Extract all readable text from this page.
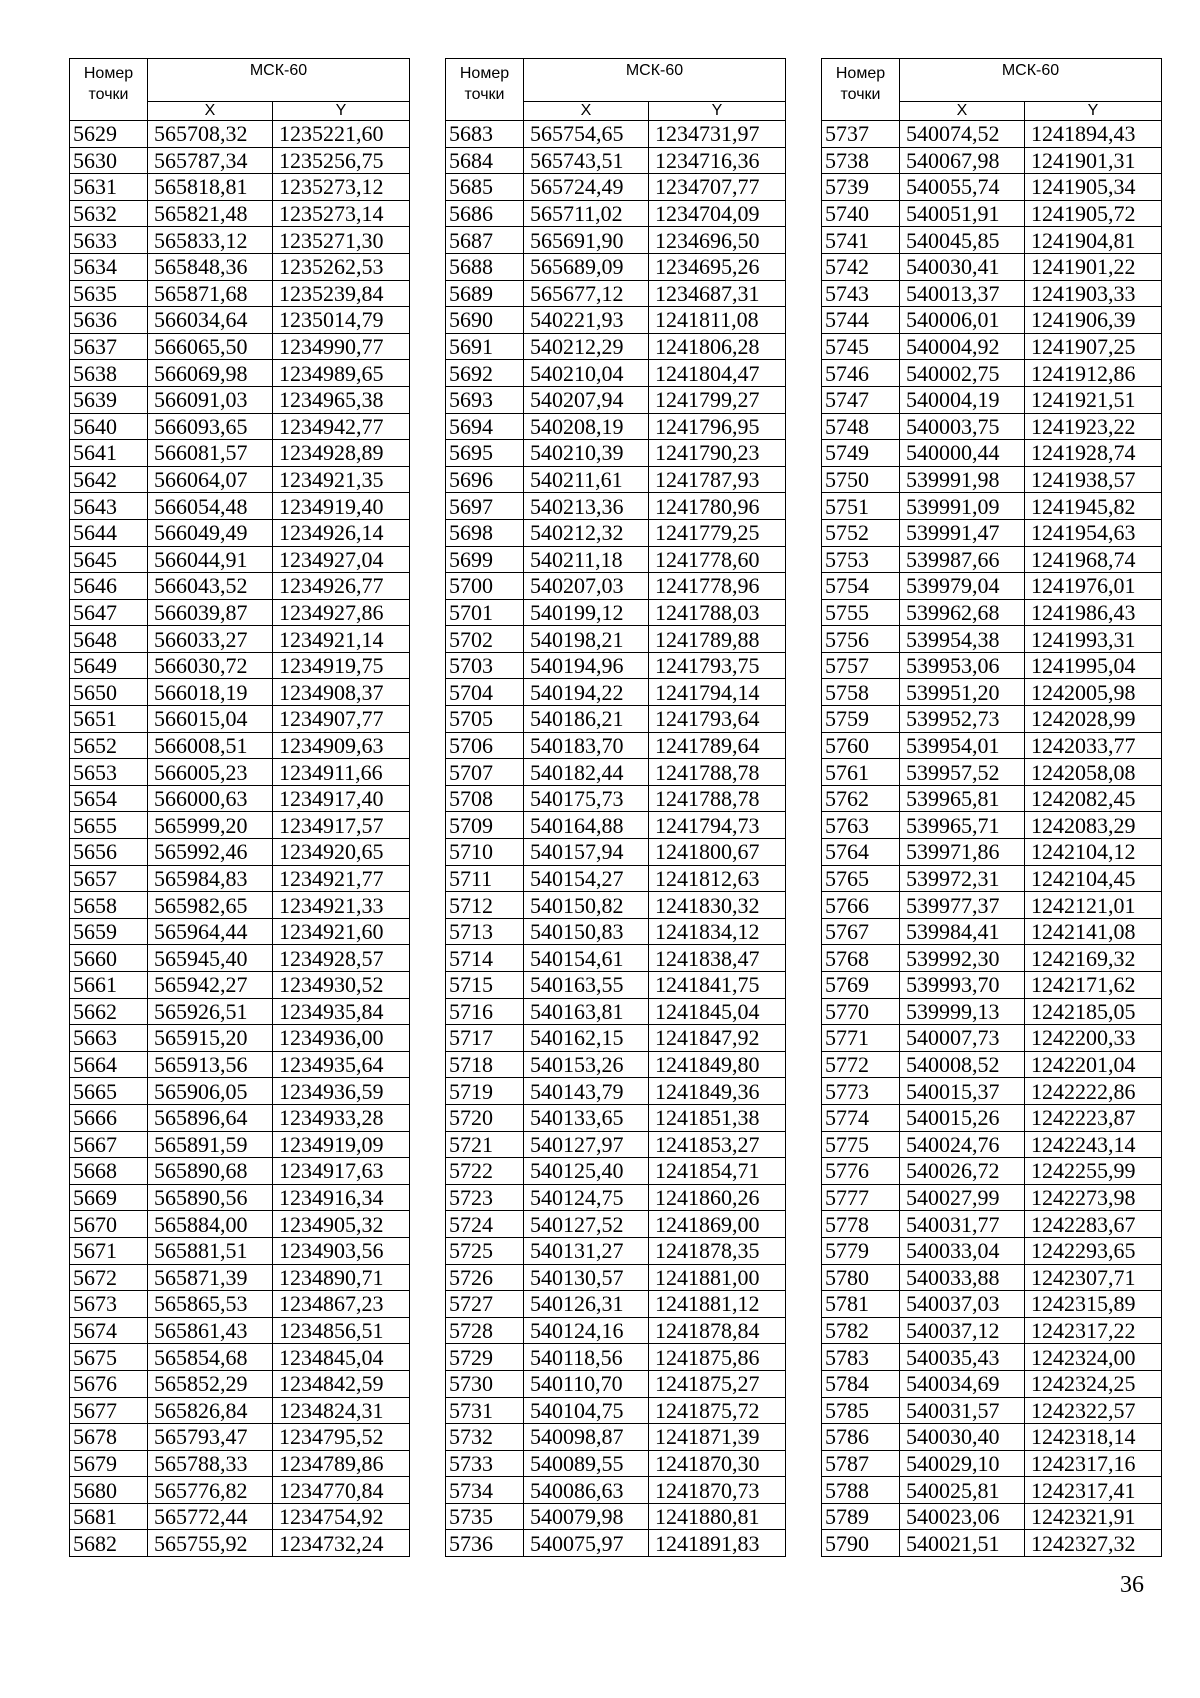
Номер точки	МСК-60	
	X	Y
5629	565708,32	1235221,60
5630	565787,34	1235256,75
5631	565818,81	1235273,12
5632	565821,48	1235273,14
5633	565833,12	1235271,30
5634	565848,36	1235262,53
5635	565871,68	1235239,84
5636	566034,64	1235014,79
5637	566065,50	1234990,77
5638	566069,98	1234989,65
5639	566091,03	1234965,38
5640	566093,65	1234942,77
5641	566081,57	1234928,89
5642	566064,07	1234921,35
5643	566054,48	1234919,40
5644	566049,49	1234926,14
5645	566044,91	1234927,04
5646	566043,52	1234926,77
5647	566039,87	1234927,86
5648	566033,27	1234921,14
5649	566030,72	1234919,75
5650	566018,19	1234908,37
5651	566015,04	1234907,77
5652	566008,51	1234909,63
5653	566005,23	1234911,66
5654	566000,63	1234917,40
5655	565999,20	1234917,57
5656	565992,46	1234920,65
5657	565984,83	1234921,77
5658	565982,65	1234921,33
5659	565964,44	1234921,60
5660	565945,40	1234928,57
5661	565942,27	1234930,52
5662	565926,51	1234935,84
5663	565915,20	1234936,00
5664	565913,56	1234935,64
5665	565906,05	1234936,59
5666	565896,64	1234933,28
5667	565891,59	1234919,09
5668	565890,68	1234917,63
5669	565890,56	1234916,34
5670	565884,00	1234905,32
5671	565881,51	1234903,56
5672	565871,39	1234890,71
5673	565865,53	1234867,23
5674	565861,43	1234856,51
5675	565854,68	1234845,04
5676	565852,29	1234842,59
5677	565826,84	1234824,31
5678	565793,47	1234795,52
5679	565788,33	1234789,86
5680	565776,82	1234770,84
5681	565772,44	1234754,92
5682	565755,92	1234732,24
Номер точки	МСК-60	
	X	Y
5683	565754,65	1234731,97
5684	565743,51	1234716,36
5685	565724,49	1234707,77
5686	565711,02	1234704,09
5687	565691,90	1234696,50
5688	565689,09	1234695,26
5689	565677,12	1234687,31
5690	540221,93	1241811,08
5691	540212,29	1241806,28
5692	540210,04	1241804,47
5693	540207,94	1241799,27
5694	540208,19	1241796,95
5695	540210,39	1241790,23
5696	540211,61	1241787,93
5697	540213,36	1241780,96
5698	540212,32	1241779,25
5699	540211,18	1241778,60
5700	540207,03	1241778,96
5701	540199,12	1241788,03
5702	540198,21	1241789,88
5703	540194,96	1241793,75
5704	540194,22	1241794,14
5705	540186,21	1241793,64
5706	540183,70	1241789,64
5707	540182,44	1241788,78
5708	540175,73	1241788,78
5709	540164,88	1241794,73
5710	540157,94	1241800,67
5711	540154,27	1241812,63
5712	540150,82	1241830,32
5713	540150,83	1241834,12
5714	540154,61	1241838,47
5715	540163,55	1241841,75
5716	540163,81	1241845,04
5717	540162,15	1241847,92
5718	540153,26	1241849,80
5719	540143,79	1241849,36
5720	540133,65	1241851,38
5721	540127,97	1241853,27
5722	540125,40	1241854,71
5723	540124,75	1241860,26
5724	540127,52	1241869,00
5725	540131,27	1241878,35
5726	540130,57	1241881,00
5727	540126,31	1241881,12
5728	540124,16	1241878,84
5729	540118,56	1241875,86
5730	540110,70	1241875,27
5731	540104,75	1241875,72
5732	540098,87	1241871,39
5733	540089,55	1241870,30
5734	540086,63	1241870,73
5735	540079,98	1241880,81
5736	540075,97	1241891,83
Номер точки	МСК-60	
	X	Y
5737	540074,52	1241894,43
5738	540067,98	1241901,31
5739	540055,74	1241905,34
5740	540051,91	1241905,72
5741	540045,85	1241904,81
5742	540030,41	1241901,22
5743	540013,37	1241903,33
5744	540006,01	1241906,39
5745	540004,92	1241907,25
5746	540002,75	1241912,86
5747	540004,19	1241921,51
5748	540003,75	1241923,22
5749	540000,44	1241928,74
5750	539991,98	1241938,57
5751	539991,09	1241945,82
5752	539991,47	1241954,63
5753	539987,66	1241968,74
5754	539979,04	1241976,01
5755	539962,68	1241986,43
5756	539954,38	1241993,31
5757	539953,06	1241995,04
5758	539951,20	1242005,98
5759	539952,73	1242028,99
5760	539954,01	1242033,77
5761	539957,52	1242058,08
5762	539965,81	1242082,45
5763	539965,71	1242083,29
5764	539971,86	1242104,12
5765	539972,31	1242104,45
5766	539977,37	1242121,01
5767	539984,41	1242141,08
5768	539992,30	1242169,32
5769	539993,70	1242171,62
5770	539999,13	1242185,05
5771	540007,73	1242200,33
5772	540008,52	1242201,04
5773	540015,37	1242222,86
5774	540015,26	1242223,87
5775	540024,76	1242243,14
5776	540026,72	1242255,99
5777	540027,99	1242273,98
5778	540031,77	1242283,67
5779	540033,04	1242293,65
5780	540033,88	1242307,71
5781	540037,03	1242315,89
5782	540037,12	1242317,22
5783	540035,43	1242324,00
5784	540034,69	1242324,25
5785	540031,57	1242322,57
5786	540030,40	1242318,14
5787	540029,10	1242317,16
5788	540025,81	1242317,41
5789	540023,06	1242321,91
5790	540021,51	1242327,32
36
